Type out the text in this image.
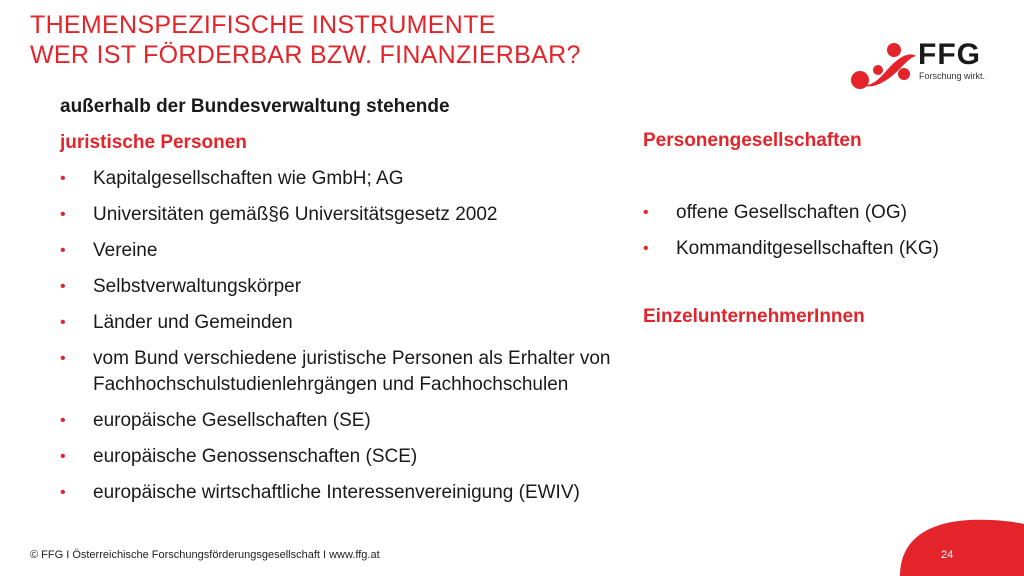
THEMENSPEZIFISCHE INSTRUMENTE
WER IST FÖRDERBAR BZW. FINANZIERBAR?	FFG
Forschung wirkt.
außerhalb der Bundesverwaltung stehende
juristische Personen
• Kapitalgesellschaften wie GmbH; AG
• Universitäten gemäß§6 Universitätsgesetz 2002
• Vereine
• Selbstverwaltungskörper
• Länder und Gemeinden
• vom Bund verschiedene juristische Personen als Erhalter von Fachhochschulstudienlehrgängen und Fachhochschulen
• europäische Gesellschaften (SE)
• europäische Genossenschaften (SCE)
• europäische wirtschaftliche Interessenvereinigung (EWIV)
Personengesellschaften
• offene Gesellschaften (OG)
• Kommanditgesellschaften (KG)
EinzelunternehmerInnen
© FFG I Österreichische Forschungsförderungsgesellschaft I www.ffg.at	24
